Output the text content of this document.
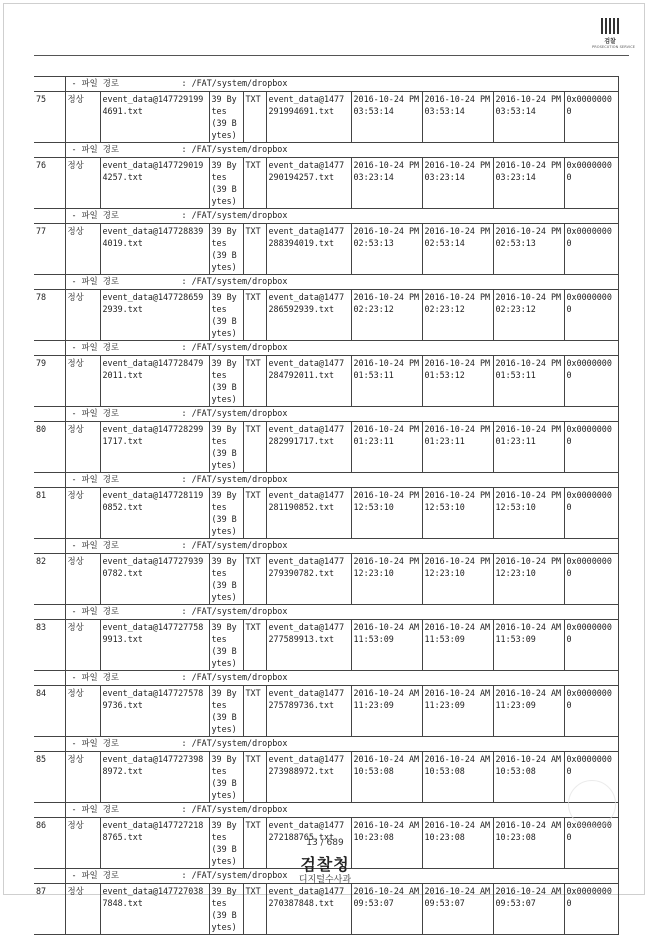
검찰
PROSECUTION SERVICE
	- 파일 경로 : /FAT/system/dropbox								
75	정상	event_data@1477291994691.txt	39 Bytes (39 Bytes)	TXT	event_data@1477291994691.txt	2016-10-24 PM 03:53:14	2016-10-24 PM 03:53:14	2016-10-24 PM 03:53:14	0x00000000
	- 파일 경로 : /FAT/system/dropbox								
76	정상	event_data@1477290194257.txt	39 Bytes (39 Bytes)	TXT	event_data@1477290194257.txt	2016-10-24 PM 03:23:14	2016-10-24 PM 03:23:14	2016-10-24 PM 03:23:14	0x00000000
	- 파일 경로 : /FAT/system/dropbox								
77	정상	event_data@1477288394019.txt	39 Bytes (39 Bytes)	TXT	event_data@1477288394019.txt	2016-10-24 PM 02:53:13	2016-10-24 PM 02:53:14	2016-10-24 PM 02:53:13	0x00000000
	- 파일 경로 : /FAT/system/dropbox								
78	정상	event_data@1477286592939.txt	39 Bytes (39 Bytes)	TXT	event_data@1477286592939.txt	2016-10-24 PM 02:23:12	2016-10-24 PM 02:23:12	2016-10-24 PM 02:23:12	0x00000000
	- 파일 경로 : /FAT/system/dropbox								
79	정상	event_data@1477284792011.txt	39 Bytes (39 Bytes)	TXT	event_data@1477284792011.txt	2016-10-24 PM 01:53:11	2016-10-24 PM 01:53:12	2016-10-24 PM 01:53:11	0x00000000
	- 파일 경로 : /FAT/system/dropbox								
80	정상	event_data@1477282991717.txt	39 Bytes (39 Bytes)	TXT	event_data@1477282991717.txt	2016-10-24 PM 01:23:11	2016-10-24 PM 01:23:11	2016-10-24 PM 01:23:11	0x00000000
	- 파일 경로 : /FAT/system/dropbox								
81	정상	event_data@1477281190852.txt	39 Bytes (39 Bytes)	TXT	event_data@1477281190852.txt	2016-10-24 PM 12:53:10	2016-10-24 PM 12:53:10	2016-10-24 PM 12:53:10	0x00000000
	- 파일 경로 : /FAT/system/dropbox								
82	정상	event_data@1477279390782.txt	39 Bytes (39 Bytes)	TXT	event_data@1477279390782.txt	2016-10-24 PM 12:23:10	2016-10-24 PM 12:23:10	2016-10-24 PM 12:23:10	0x00000000
	- 파일 경로 : /FAT/system/dropbox								
83	정상	event_data@1477277589913.txt	39 Bytes (39 Bytes)	TXT	event_data@1477277589913.txt	2016-10-24 AM 11:53:09	2016-10-24 AM 11:53:09	2016-10-24 AM 11:53:09	0x00000000
	- 파일 경로 : /FAT/system/dropbox								
84	정상	event_data@1477275789736.txt	39 Bytes (39 Bytes)	TXT	event_data@1477275789736.txt	2016-10-24 AM 11:23:09	2016-10-24 AM 11:23:09	2016-10-24 AM 11:23:09	0x00000000
	- 파일 경로 : /FAT/system/dropbox								
85	정상	event_data@1477273988972.txt	39 Bytes (39 Bytes)	TXT	event_data@1477273988972.txt	2016-10-24 AM 10:53:08	2016-10-24 AM 10:53:08	2016-10-24 AM 10:53:08	0x00000000
	- 파일 경로 : /FAT/system/dropbox								
86	정상	event_data@1477272188765.txt	39 Bytes (39 Bytes)	TXT	event_data@1477272188765.txt	2016-10-24 AM 10:23:08	2016-10-24 AM 10:23:08	2016-10-24 AM 10:23:08	0x00000000
	- 파일 경로 : /FAT/system/dropbox								
87	정상	event_data@1477270387848.txt	39 Bytes (39 Bytes)	TXT	event_data@1477270387848.txt	2016-10-24 AM 09:53:07	2016-10-24 AM 09:53:07	2016-10-24 AM 09:53:07	0x00000000
13 / 689
검찰청
디지털수사과
